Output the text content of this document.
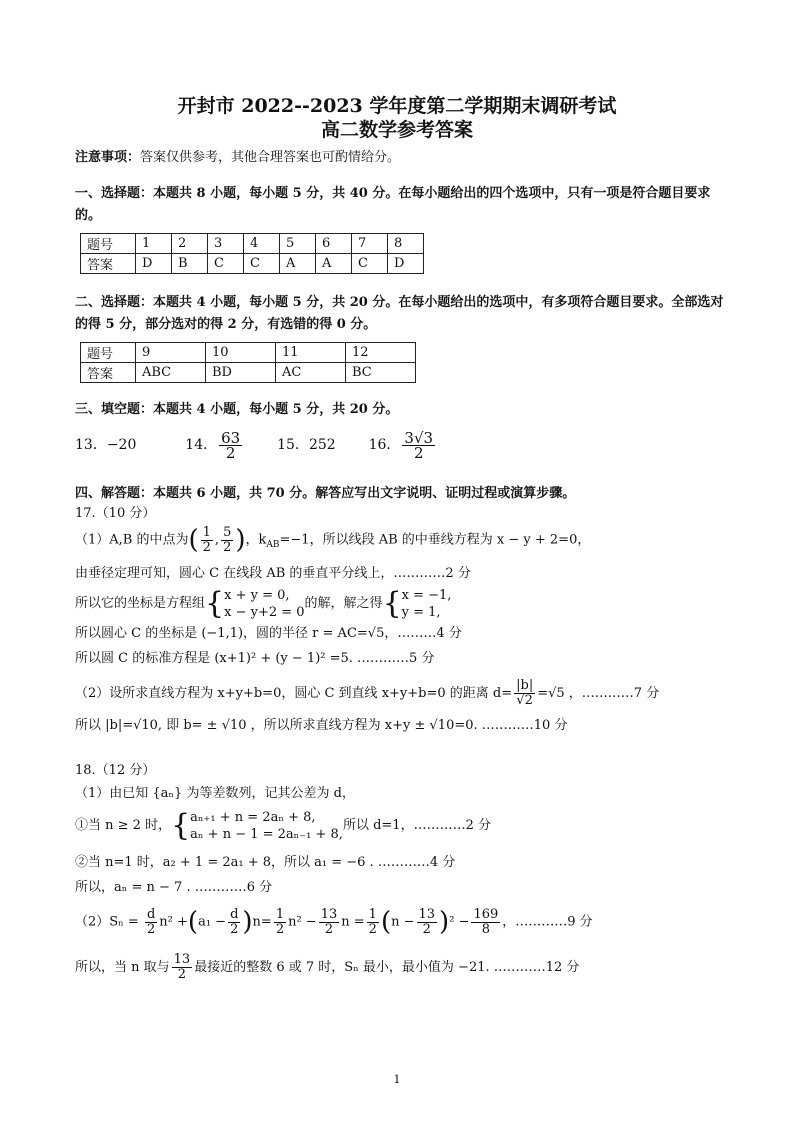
开封市 2022--2023 学年度第二学期期末调研考试
高二数学参考答案
注意事项：答案仅供参考，其他合理答案也可酌情给分。
一、选择题：本题共 8 小题，每小题 5 分，共 40 分。在每小题给出的四个选项中，只有一项是符合题目要求的。
题号	1	2	3	4	5	6	7	8
答案	D	B	C	C	A	A	C	D
二、选择题：本题共 4 小题，每小题 5 分，共 20 分。在每小题给出的选项中，有多项符合题目要求。全部选对的得 5 分，部分选对的得 2 分，有选错的得 0 分。
题号	9	10	11	12
答案	ABC	BD	AC	BC
三、填空题：本题共 4 小题，每小题 5 分，共 20 分。
13．−20	14． $\frac{63}{2} 15$．252 16． $\frac{3√3}{2}$
四、解答题：本题共 6 小题，共 70 分。解答应写出文字说明、证明过程或演算步骤。
17.（10 分）
（1）A,B 的中点为( $\frac{1}{2}$ , $\frac{5}{2}$ )，$k_{AB}=-1$，所以线段 AB 的中垂线方程为 x − y + 2=0，
由垂径定理可知，圆心 C 在线段 AB 的垂直平分线上，…………2 分
所以它的坐标是方程组{ x + y = 0,
x − y+2 = 0
的解，解之得{ x = −1,
y = 1,
所以圆心 C 的坐标是 (−1,1)，圆的半径 r = AC=√5，………4 分
所以圆 C 的标准方程是 (x+1)² + (y − 1)² =5. …………5 分
（2）设所求直线方程为 x+y+b=0，圆心 C 到直线 x+y+b=0 的距离 $d= \frac{|b|}{√2} =√5$ ，…………7 分
所以 |b|=√10, 即 b= ± √10 ，所以所求直线方程为 x+y ± √10=0. …………10 分
18.（12 分）
（1）由已知 {aₙ} 为等差数列，记其公差为 d，
①当 n ≥ 2 时，{ aₙ₊₁ + n = 2aₙ + 8,
aₙ + n − 1 = 2aₙ₋₁ + 8,
所以 d=1，…………2 分
②当 n=1 时，a₂ + 1 = 2a₁ + 8，所以 a₁ = −6 . …………4 分
所以，aₙ = n − 7 . …………6 分
$(2)S_n = \frac{d}{2} n^2 +(a_1 - \frac{d}{2} )n= \frac{1}{2} n^2 - \frac{13}{2}$ $n = \frac{1}{2} (n - \frac{13}{2} )^2 - \frac{169}{8}$ ，…………9 分
所以，当 n 取与 $\frac{13}{2}$ 最接近的整数 6 或 7 时，Sₙ 最小，最小值为 −21. …………12 分
1
